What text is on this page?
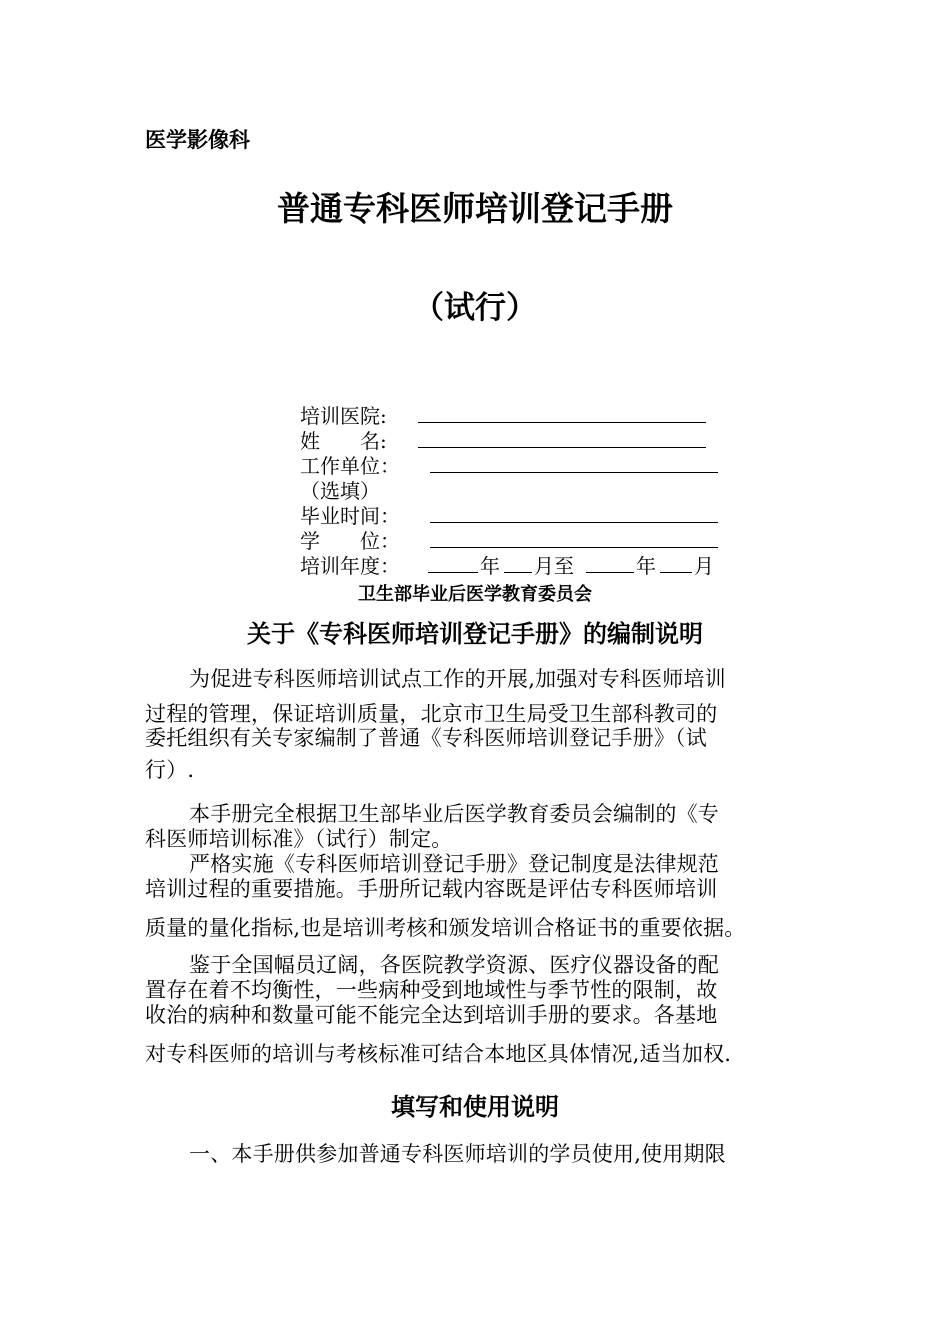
医学影像科
普通专科医师培训登记手册
（试行）
培训医院:
姓　　名:
工作单位：
（选填）
毕业时间：
学　　位：
培训年度：	年 月至	年 月
卫生部毕业后医学教育委员会
关于《专科医师培训登记手册》的编制说明
为促进专科医师培训试点工作的开展,加强对专科医师培训
过程的管理，保证培训质量，北京市卫生局受卫生部科教司的
委托组织有关专家编制了普通《专科医师培训登记手册》（试
行）.
本手册完全根据卫生部毕业后医学教育委员会编制的《专
科医师培训标准》（试行）制定。
严格实施《专科医师培训登记手册》登记制度是法律规范
培训过程的重要措施。手册所记载内容既是评估专科医师培训
质量的量化指标,也是培训考核和颁发培训合格证书的重要依据。
鉴于全国幅员辽阔，各医院教学资源、医疗仪器设备的配
置存在着不均衡性，一些病种受到地域性与季节性的限制，故
收治的病种和数量可能不能完全达到培训手册的要求。各基地
对专科医师的培训与考核标准可结合本地区具体情况,适当加权.
填写和使用说明
一、本手册供参加普通专科医师培训的学员使用,使用期限
